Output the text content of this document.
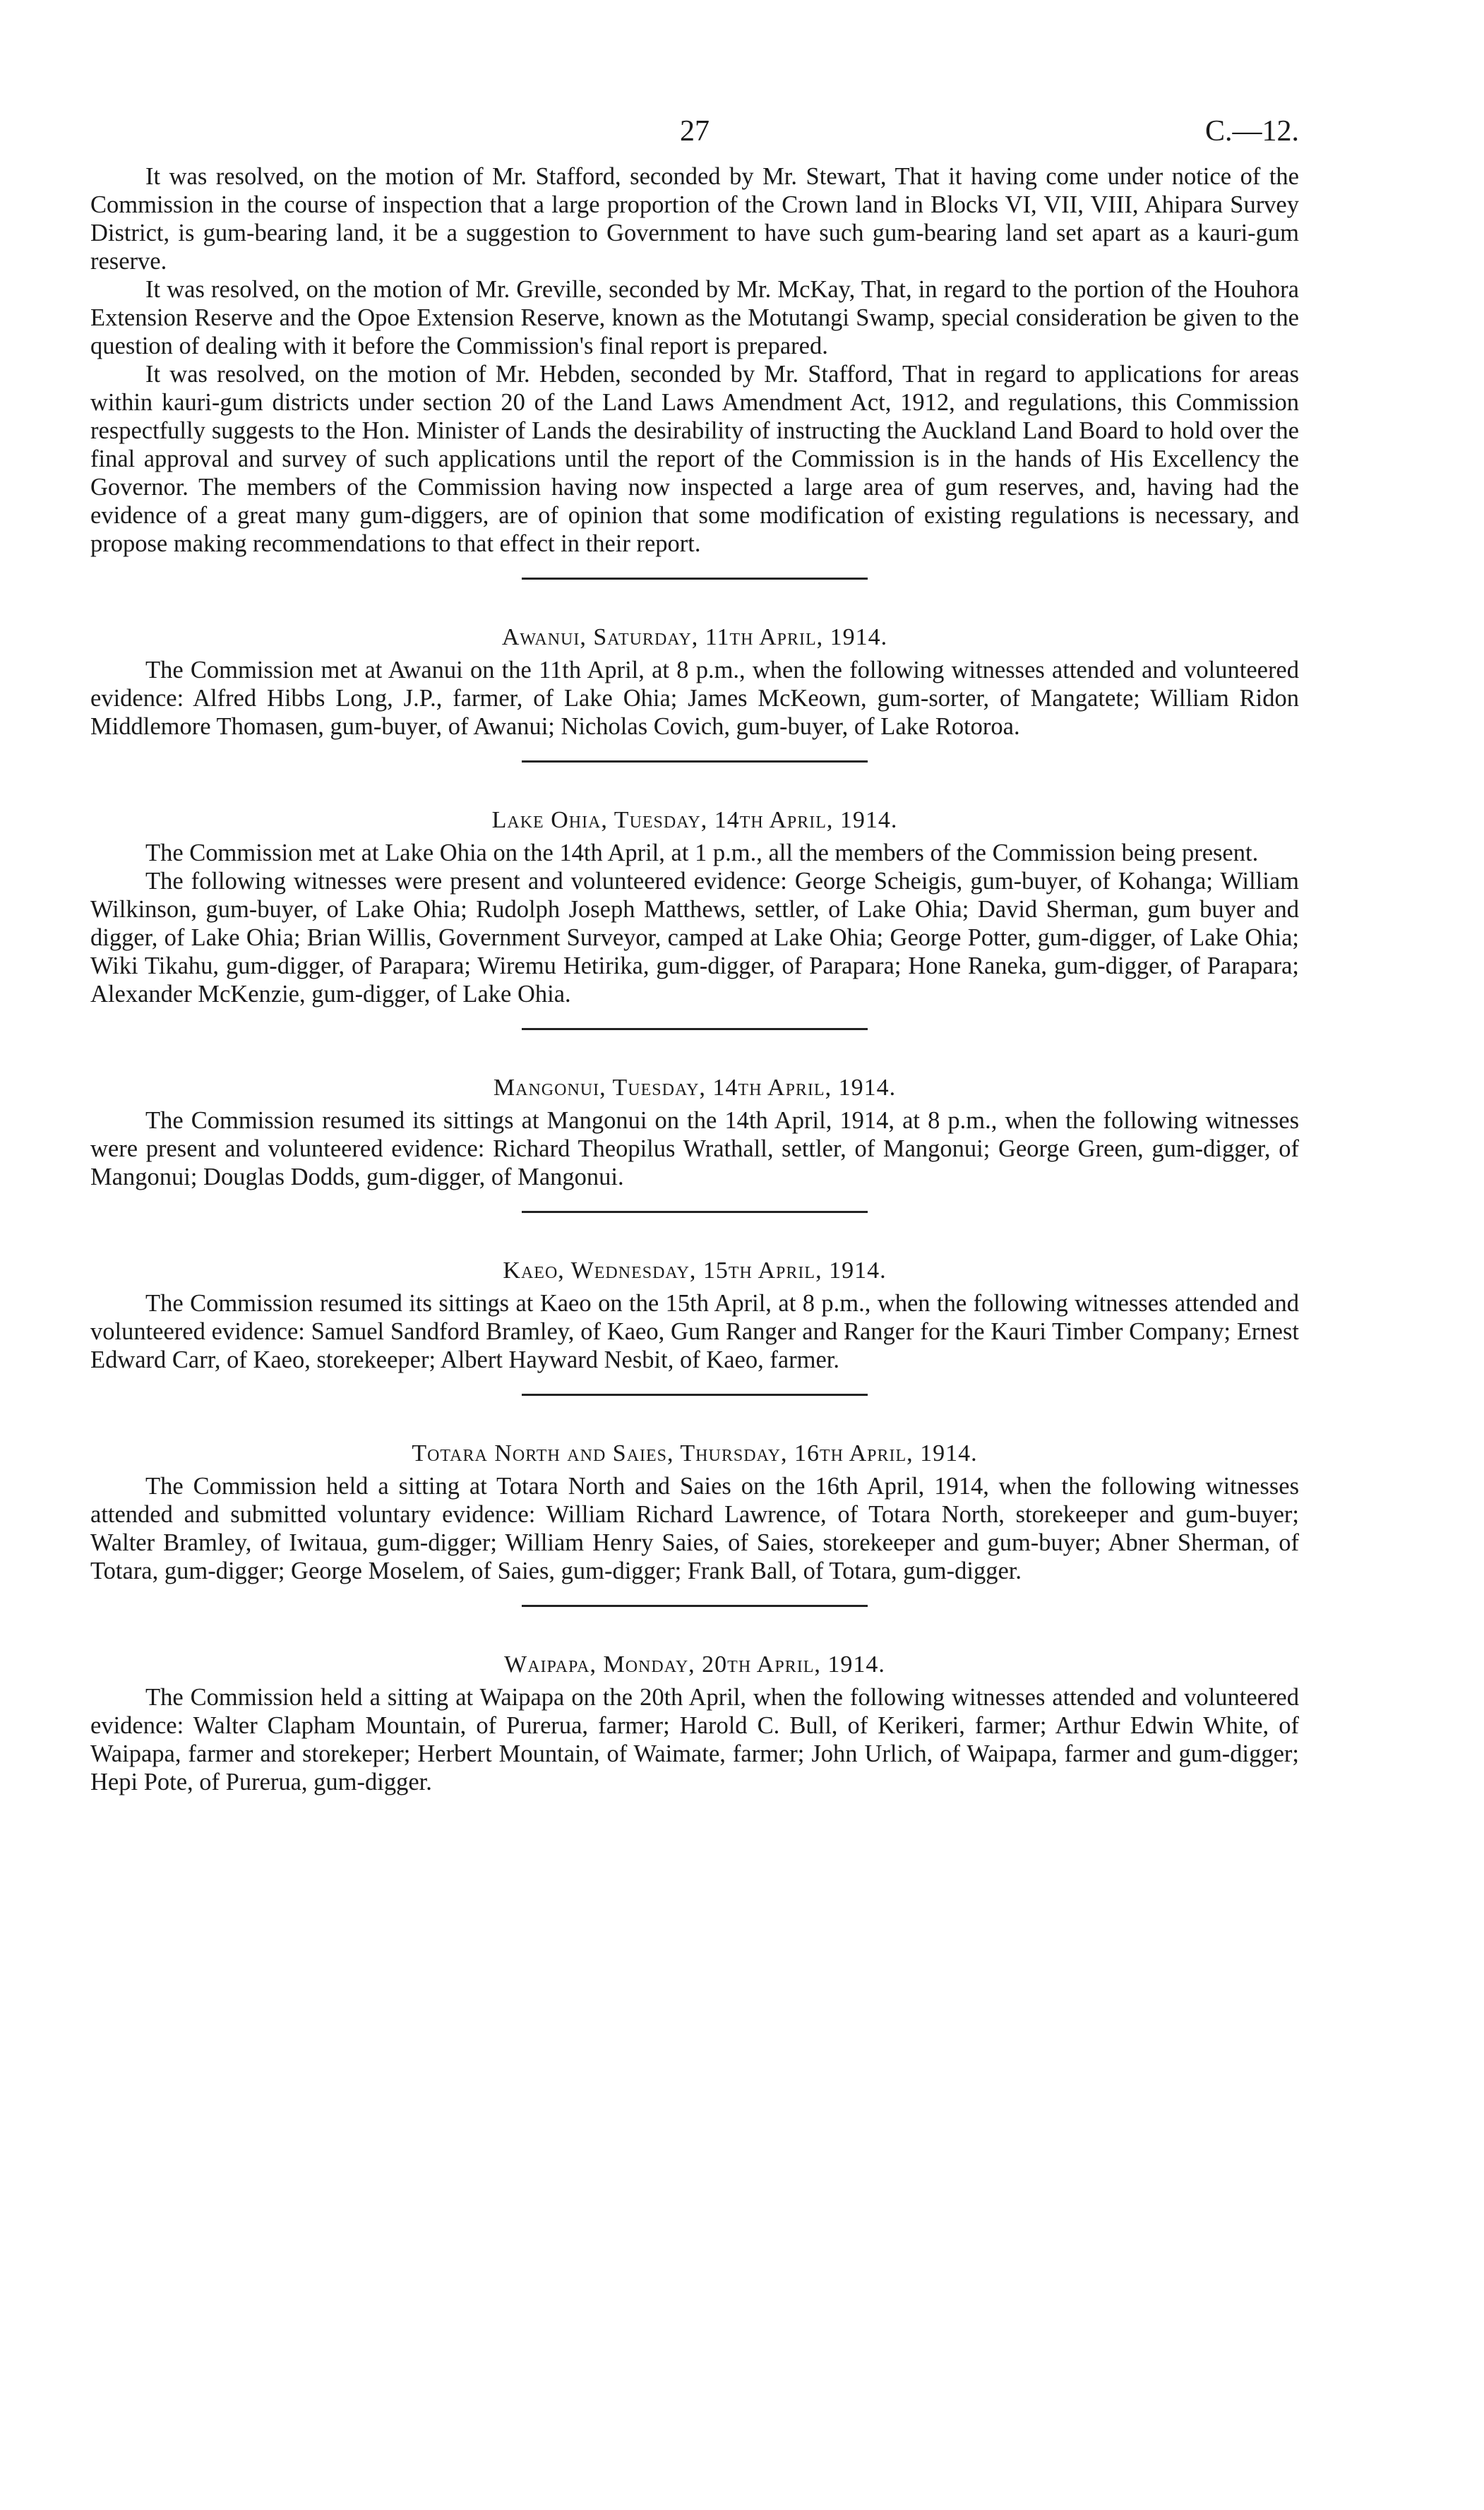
27	C.—12.

It was resolved, on the motion of Mr. Stafford, seconded by Mr. Stewart, That it having come under notice of the Commission in the course of inspection that a large proportion of the Crown land in Blocks VI, VII, VIII, Ahipara Survey District, is gum-bearing land, it be a suggestion to Government to have such gum-bearing land set apart as a kauri-gum reserve.

It was resolved, on the motion of Mr. Greville, seconded by Mr. McKay, That, in regard to the portion of the Houhora Extension Reserve and the Opoe Extension Reserve, known as the Motutangi Swamp, special consideration be given to the question of dealing with it before the Commission's final report is prepared.

It was resolved, on the motion of Mr. Hebden, seconded by Mr. Stafford, That in regard to applications for areas within kauri-gum districts under section 20 of the Land Laws Amendment Act, 1912, and regulations, this Commission respectfully suggests to the Hon. Minister of Lands the desirability of instructing the Auckland Land Board to hold over the final approval and survey of such applications until the report of the Commission is in the hands of His Excellency the Governor. The members of the Commission having now inspected a large area of gum reserves, and, having had the evidence of a great many gum-diggers, are of opinion that some modification of existing regulations is necessary, and propose making recommendations to that effect in their report.

Awanui, Saturday, 11th April, 1914.

The Commission met at Awanui on the 11th April, at 8 p.m., when the following witnesses attended and volunteered evidence: Alfred Hibbs Long, J.P., farmer, of Lake Ohia; James McKeown, gum-sorter, of Mangatete; William Ridon Middlemore Thomasen, gum-buyer, of Awanui; Nicholas Covich, gum-buyer, of Lake Rotoroa.

Lake Ohia, Tuesday, 14th April, 1914.

The Commission met at Lake Ohia on the 14th April, at 1 p.m., all the members of the Commission being present.

The following witnesses were present and volunteered evidence: George Scheigis, gum-buyer, of Kohanga; William Wilkinson, gum-buyer, of Lake Ohia; Rudolph Joseph Matthews, settler, of Lake Ohia; David Sherman, gum buyer and digger, of Lake Ohia; Brian Willis, Government Surveyor, camped at Lake Ohia; George Potter, gum-digger, of Lake Ohia; Wiki Tikahu, gum-digger, of Parapara; Wiremu Hetirika, gum-digger, of Parapara; Hone Raneka, gum-digger, of Parapara; Alexander McKenzie, gum-digger, of Lake Ohia.

Mangonui, Tuesday, 14th April, 1914.

The Commission resumed its sittings at Mangonui on the 14th April, 1914, at 8 p.m., when the following witnesses were present and volunteered evidence: Richard Theopilus Wrathall, settler, of Mangonui; George Green, gum-digger, of Mangonui; Douglas Dodds, gum-digger, of Mangonui.

Kaeo, Wednesday, 15th April, 1914.

The Commission resumed its sittings at Kaeo on the 15th April, at 8 p.m., when the following witnesses attended and volunteered evidence: Samuel Sandford Bramley, of Kaeo, Gum Ranger and Ranger for the Kauri Timber Company; Ernest Edward Carr, of Kaeo, storekeeper; Albert Hayward Nesbit, of Kaeo, farmer.

Totara North and Saies, Thursday, 16th April, 1914.

The Commission held a sitting at Totara North and Saies on the 16th April, 1914, when the following witnesses attended and submitted voluntary evidence: William Richard Lawrence, of Totara North, storekeeper and gum-buyer; Walter Bramley, of Iwitaua, gum-digger; William Henry Saies, of Saies, storekeeper and gum-buyer; Abner Sherman, of Totara, gum-digger; George Moselem, of Saies, gum-digger; Frank Ball, of Totara, gum-digger.

Waipapa, Monday, 20th April, 1914.

The Commission held a sitting at Waipapa on the 20th April, when the following witnesses attended and volunteered evidence: Walter Clapham Mountain, of Purerua, farmer; Harold C. Bull, of Kerikeri, farmer; Arthur Edwin White, of Waipapa, farmer and storekeper; Herbert Mountain, of Waimate, farmer; John Urlich, of Waipapa, farmer and gum-digger; Hepi Pote, of Purerua, gum-digger.
